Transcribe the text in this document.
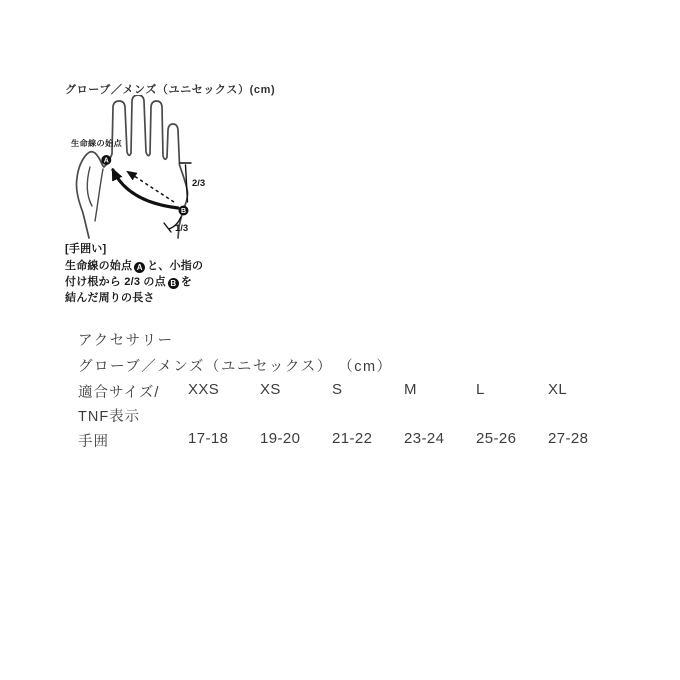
グローブ／メンズ（ユニセックス）(cm)
2/3
1/3
A
B
生命線の始点
[手囲い]
生命線の始点 A と、小指の
付け根から 2/3 の点 B を
結んだ周りの長さ
アクセサリー
グローブ／メンズ（ユニセックス） （cm）
適合サイズ/	XXS	XS	S	M	L	XL
TNF表示
手囲	17-18	19-20	21-22	23-24	25-26	27-28
